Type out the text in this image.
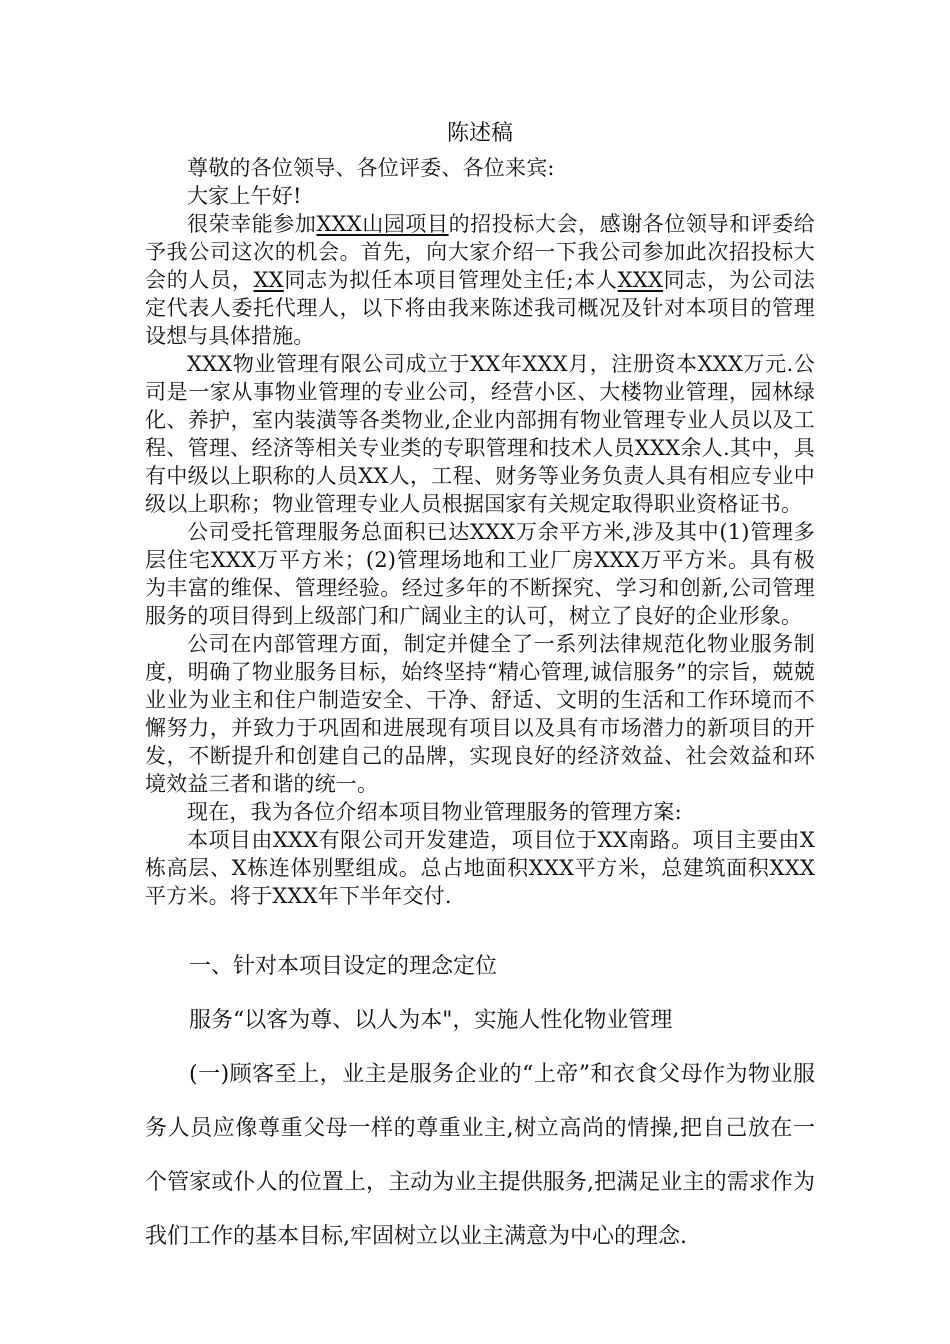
陈述稿

尊敬的各位领导、各位评委、各位来宾:

大家上午好!

很荣幸能参加XXX山园项目的招投标大会，感谢各位领导和评委给予我公司这次的机会。首先，向大家介绍一下我公司参加此次招投标大会的人员，XX同志为拟任本项目管理处主任;本人XXX同志，为公司法定代表人委托代理人，以下将由我来陈述我司概况及针对本项目的管理设想与具体措施。

XXX物业管理有限公司成立于XX年XXX月，注册资本XXX万元.公司是一家从事物业管理的专业公司，经营小区、大楼物业管理，园林绿化、养护，室内装潢等各类物业,企业内部拥有物业管理专业人员以及工程、管理、经济等相关专业类的专职管理和技术人员XXX余人.其中，具有中级以上职称的人员XX人，工程、财务等业务负责人具有相应专业中级以上职称；物业管理专业人员根据国家有关规定取得职业资格证书。

公司受托管理服务总面积已达XXX万余平方米,涉及其中(1)管理多层住宅XXX万平方米；(2)管理场地和工业厂房XXX万平方米。具有极为丰富的维保、管理经验。经过多年的不断探究、学习和创新,公司管理服务的项目得到上级部门和广阔业主的认可，树立了良好的企业形象。

公司在内部管理方面，制定并健全了一系列法律规范化物业服务制度，明确了物业服务目标，始终坚持“精心管理,诚信服务”的宗旨，兢兢业业为业主和住户制造安全、干净、舒适、文明的生活和工作环境而不懈努力，并致力于巩固和进展现有项目以及具有市场潜力的新项目的开发，不断提升和创建自己的品牌，实现良好的经济效益、社会效益和环境效益三者和谐的统一。

现在，我为各位介绍本项目物业管理服务的管理方案:

本项目由XXX有限公司开发建造，项目位于XX南路。项目主要由X栋高层、X栋连体别墅组成。总占地面积XXX平方米，总建筑面积XXX平方米。将于XXX年下半年交付.

一、针对本项目设定的理念定位

服务“以客为尊、以人为本"，实施人性化物业管理

(一)顾客至上，业主是服务企业的“上帝”和衣食父母作为物业服务人员应像尊重父母一样的尊重业主,树立高尚的情操,把自己放在一个管家或仆人的位置上，主动为业主提供服务,把满足业主的需求作为我们工作的基本目标,牢固树立以业主满意为中心的理念.
